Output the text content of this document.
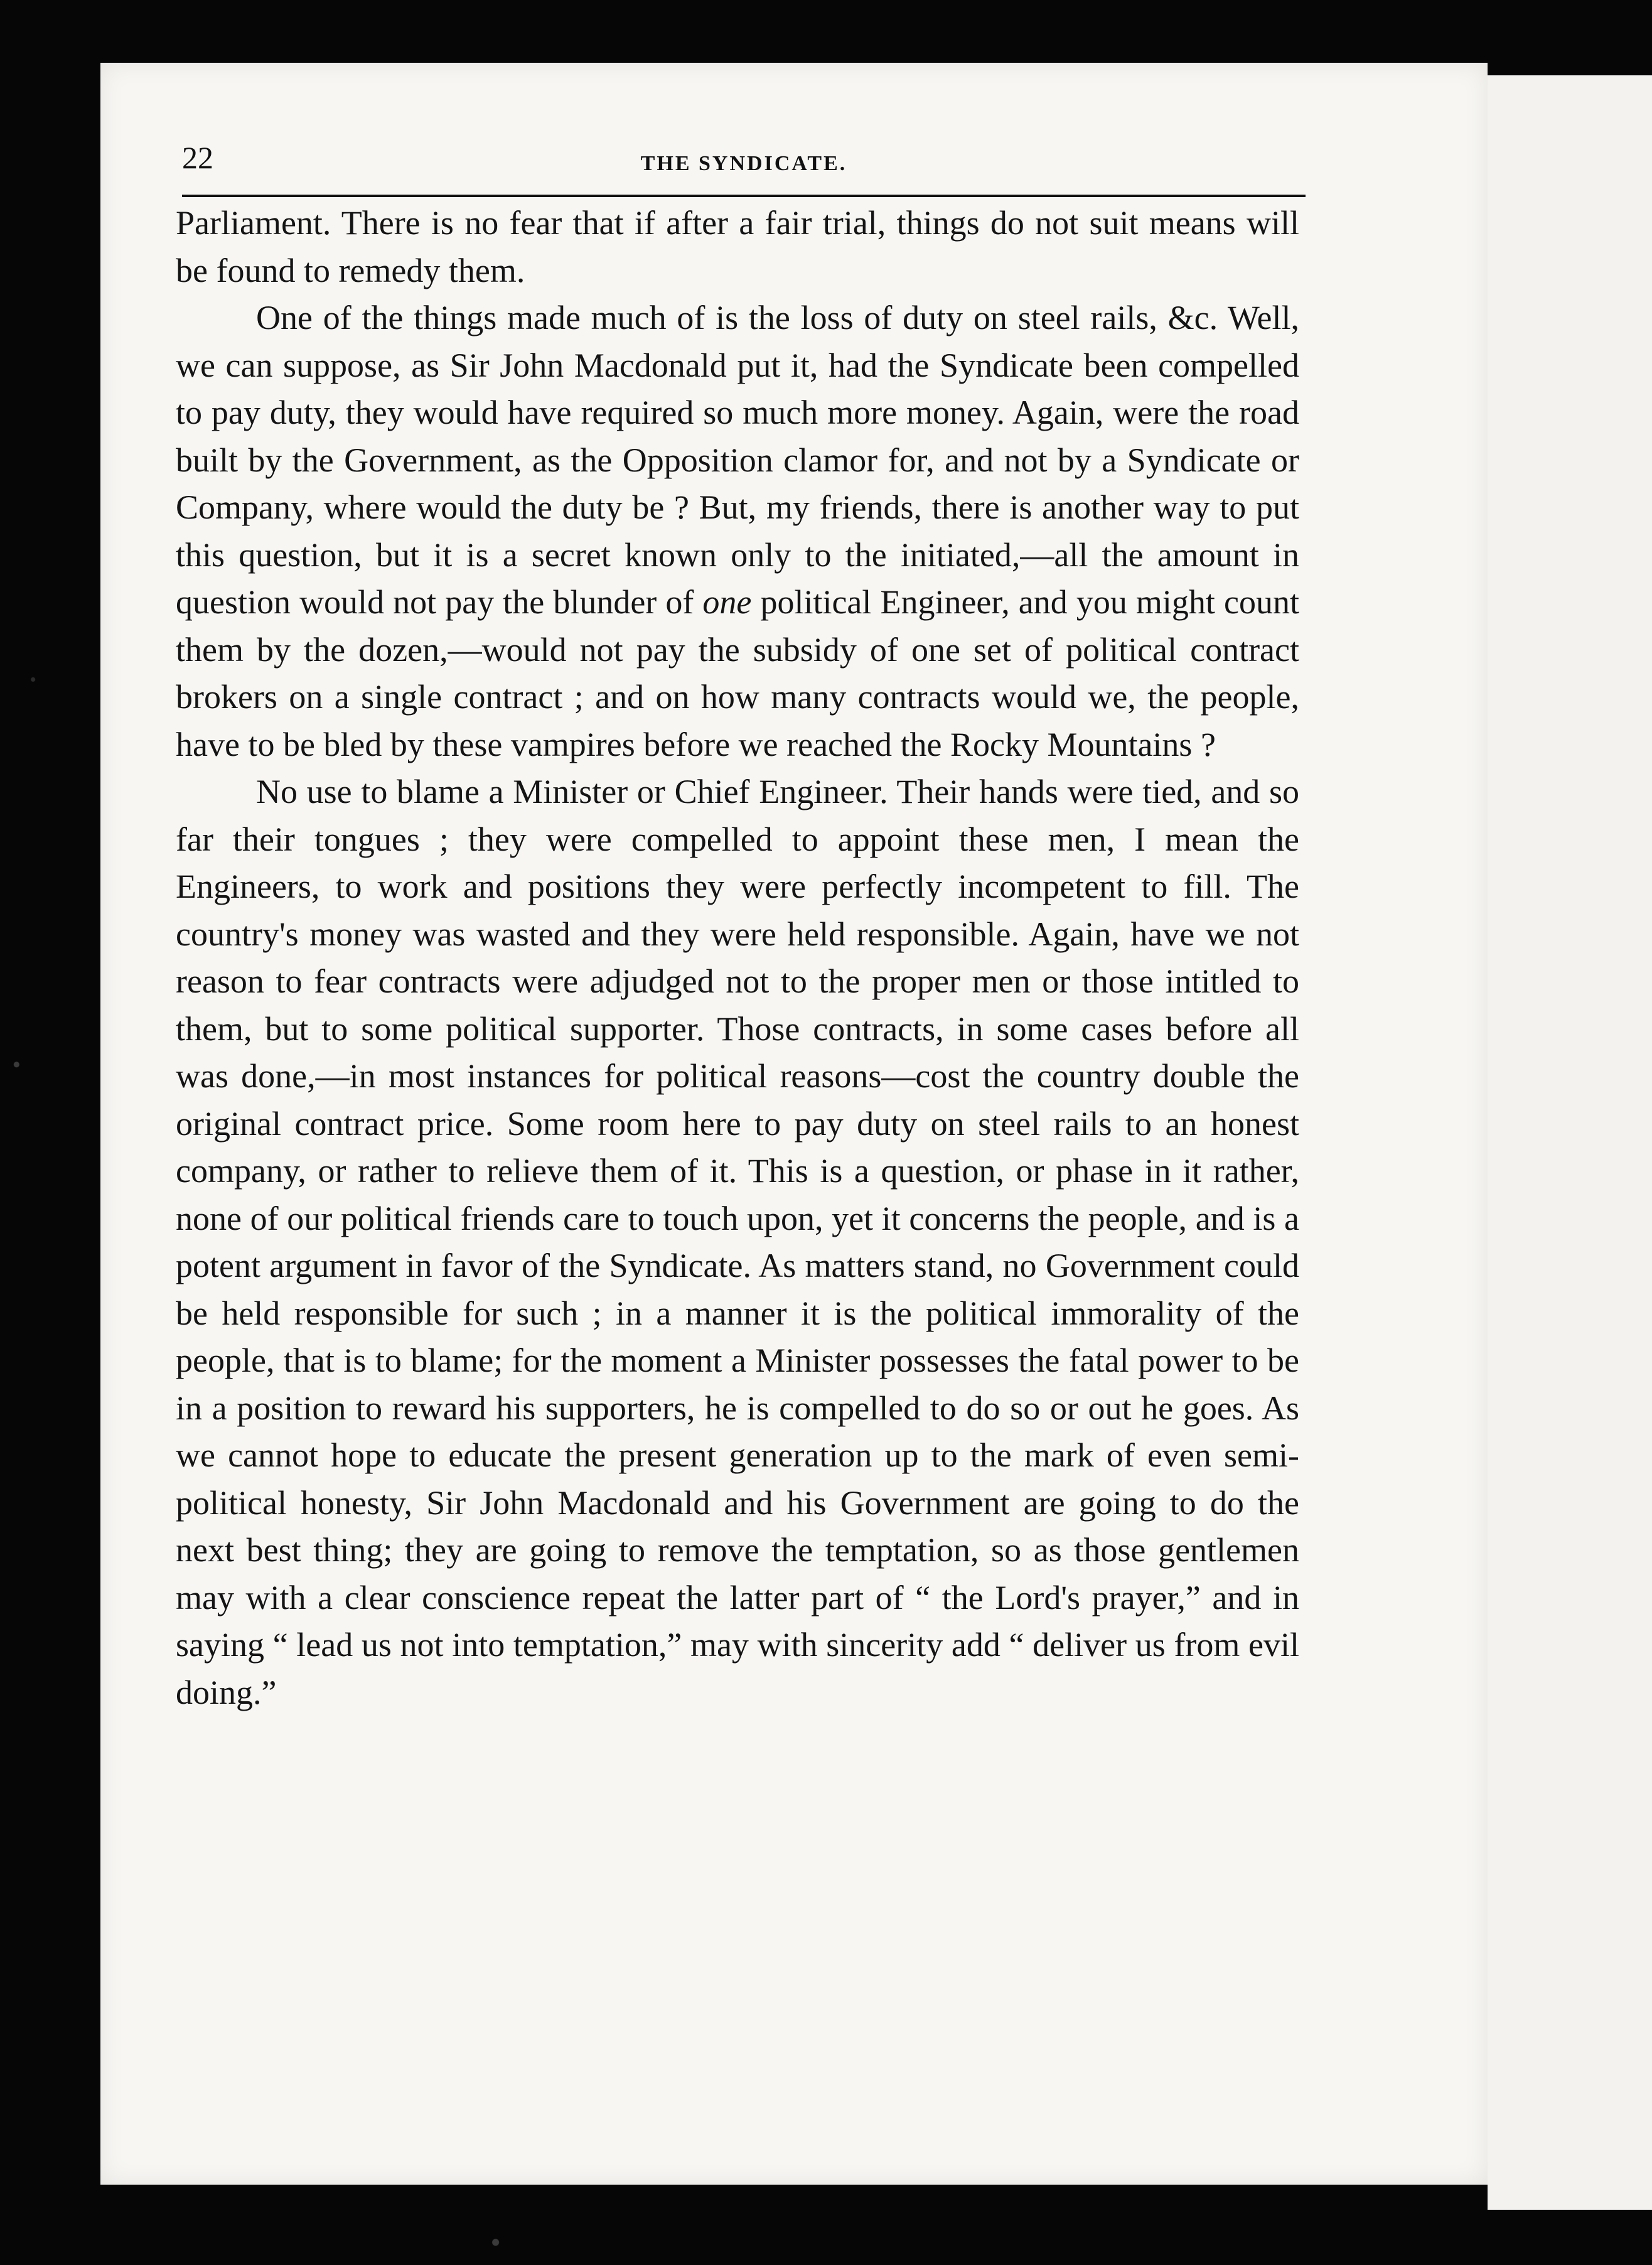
22	THE SYNDICATE.

Parliament. There is no fear that if after a fair trial, things do not suit means will be found to remedy them.

One of the things made much of is the loss of duty on steel rails, &c. Well, we can suppose, as Sir John Macdonald put it, had the Syndicate been compelled to pay duty, they would have required so much more money. Again, were the road built by the Government, as the Opposition clamor for, and not by a Syndicate or Company, where would the duty be ? But, my friends, there is another way to put this question, but it is a secret known only to the initiated,—all the amount in question would not pay the blunder of one political Engineer, and you might count them by the dozen,—would not pay the subsidy of one set of political contract brokers on a single contract ; and on how many contracts would we, the people, have to be bled by these vampires before we reached the Rocky Mountains ?

No use to blame a Minister or Chief Engineer. Their hands were tied, and so far their tongues ; they were compelled to appoint these men, I mean the Engineers, to work and positions they were perfectly incompetent to fill. The country's money was wasted and they were held responsible. Again, have we not reason to fear contracts were adjudged not to the proper men or those intitled to them, but to some political supporter. Those contracts, in some cases before all was done,—in most instances for political reasons—cost the country double the original contract price. Some room here to pay duty on steel rails to an honest company, or rather to relieve them of it. This is a question, or phase in it rather, none of our political friends care to touch upon, yet it concerns the people, and is a potent argument in favor of the Syndicate. As matters stand, no Government could be held responsible for such ; in a manner it is the political immorality of the people, that is to blame; for the moment a Minister possesses the fatal power to be in a position to reward his supporters, he is compelled to do so or out he goes. As we cannot hope to educate the present generation up to the mark of even semi-political honesty, Sir John Macdonald and his Government are going to do the next best thing; they are going to remove the temptation, so as those gentlemen may with a clear conscience repeat the latter part of “ the Lord's prayer,” and in saying “ lead us not into temptation,” may with sincerity add “ deliver us from evil doing.”
